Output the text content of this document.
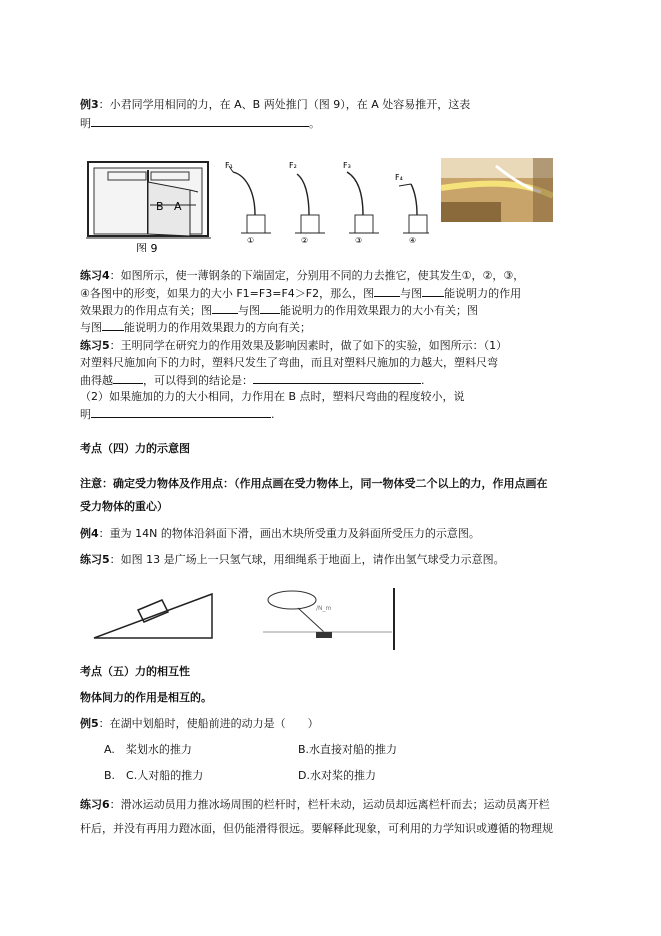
例3：小君同学用相同的力，在 A、B 两处推门（图 9），在 A 处容易推开，这表
明	。
B A
图 9
F₁
①
F₂
②
F₃
③
F₄
④
练习4：如图所示，使一薄钢条的下端固定，分别用不同的力去推它，使其发生①，②，③，
④各图中的形变，如果力的大小 F1=F3=F4＞F2，那么，图 与图 能说明力的作用
效果跟力的作用点有关；图 与图 能说明力的作用效果跟力的大小有关；图
与图 能说明力的作用效果跟力的方向有关；
练习5：王明同学在研究力的作用效果及影响因素时，做了如下的实验，如图所示：（1）
对塑料尺施加向下的力时，塑料尺发生了弯曲，而且对塑料尺施加的力越大，塑料尺弯
曲得越	，可以得到的结论是：	.
（2）如果施加的力的大小相同，力作用在 B 点时，塑料尺弯曲的程度较小，说
明	.
考点（四）力的示意图
注意：确定受力物体及作用点：（作用点画在受力物体上，同一物体受二个以上的力，作用点画在
受力物体的重心）
例4：重为 14N 的物体沿斜面下滑，画出木块所受重力及斜面所受压力的示意图。
练习5：如图 13 是广场上一只氢气球，用细绳系于地面上，请作出氢气球受力示意图。
/N_m
考点（五）力的相互性
物体间力的作用是相互的。
例5：在湖中划船时，使船前进的动力是（　　）
A.　桨划水的推力	B.水直接对船的推力
B.　C.人对船的推力	D.水对桨的推力
练习6：滑冰运动员用力推冰场周围的栏杆时，栏杆未动，运动员却远离栏杆而去；运动员离开栏
杆后，并没有再用力蹬冰面，但仍能滑得很远。要解释此现象，可利用的力学知识或遵循的物理规
